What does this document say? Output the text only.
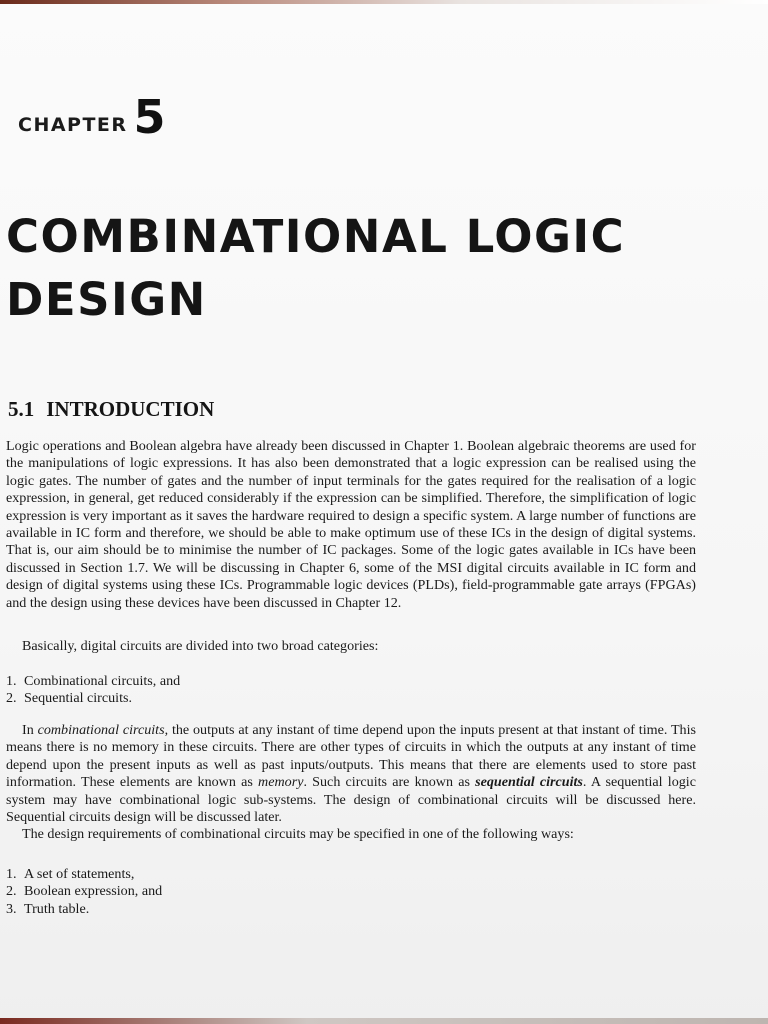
CHAPTER 5
COMBINATIONAL LOGIC
DESIGN
5.1 INTRODUCTION

Logic operations and Boolean algebra have already been discussed in Chapter 1. Boolean algebraic theorems are used for the manipulations of logic expressions. It has also been demonstrated that a logic expression can be realised using the logic gates. The number of gates and the number of input terminals for the gates required for the realisation of a logic expression, in general, get reduced considerably if the expression can be simplified. Therefore, the simplification of logic expression is very important as it saves the hardware required to design a specific system. A large number of functions are available in IC form and therefore, we should be able to make optimum use of these ICs in the design of digital systems. That is, our aim should be to minimise the number of IC packages. Some of the logic gates available in ICs have been discussed in Section 1.7. We will be discussing in Chapter 6, some of the MSI digital circuits available in IC form and design of digital systems using these ICs. Programmable logic devices (PLDs), field-programmable gate arrays (FPGAs) and the design using these devices have been discussed in Chapter 12.

Basically, digital circuits are divided into two broad categories:

1. Combinational circuits, and
2. Sequential circuits.
In combinational circuits, the outputs at any instant of time depend upon the inputs present at that instant of time. This means there is no memory in these circuits. There are other types of circuits in which the outputs at any instant of time depend upon the present inputs as well as past inputs/outputs. This means that there are elements used to store past information. These elements are known as memory. Such circuits are known as sequential circuits. A sequential logic system may have combinational logic sub-systems. The design of combinational circuits will be discussed here. Sequential circuits design will be discussed later.
The design requirements of combinational circuits may be specified in one of the following ways:
1. A set of statements,
2. Boolean expression, and
3. Truth table.
